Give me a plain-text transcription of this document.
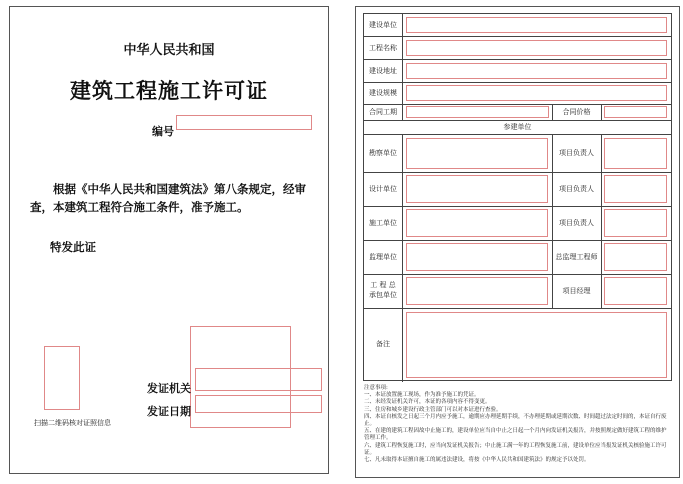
中华人民共和国
建筑工程施工许可证
编号
根据《中华人民共和国建筑法》第八条规定，经审查，本建筑工程符合施工条件，准予施工。
特发此证
扫描二维码核对证照信息
发证机关
发证日期
建设单位
工程名称
建设地址
建设规模
合同工期	合同价格
参建单位
勘察单位	项目负责人
设计单位	项目负责人
施工单位	项目负责人
监理单位	总监理工程师
工 程 总
承包单位	项目经理
备注

注意事项:

一、本证放置施工现场，作为准予施工的凭证。

二、未经发证机关许可，本证的各项内容不得变更。

三、住房和城乡建设行政主管部门可以对本证进行查验。

四、本证自核发之日起三个月内应予施工，逾期应办理延期手续，不办理延期或延期次数、时间超过法定时间的，本证自行废止。

五、在建的建筑工程因故中止施工的，建设单位应当自中止之日起一个月内向发证机关报告，并按照规定做好建筑工程的维护管理工作。

六、建筑工程恢复施工时，应当向发证机关报告；中止施工满一年的工程恢复施工前，建设单位应当报发证机关核验施工许可证。

七、凡未取得本证擅自施工的属违法建设，将按《中华人民共和国建筑法》的规定予以处罚。
